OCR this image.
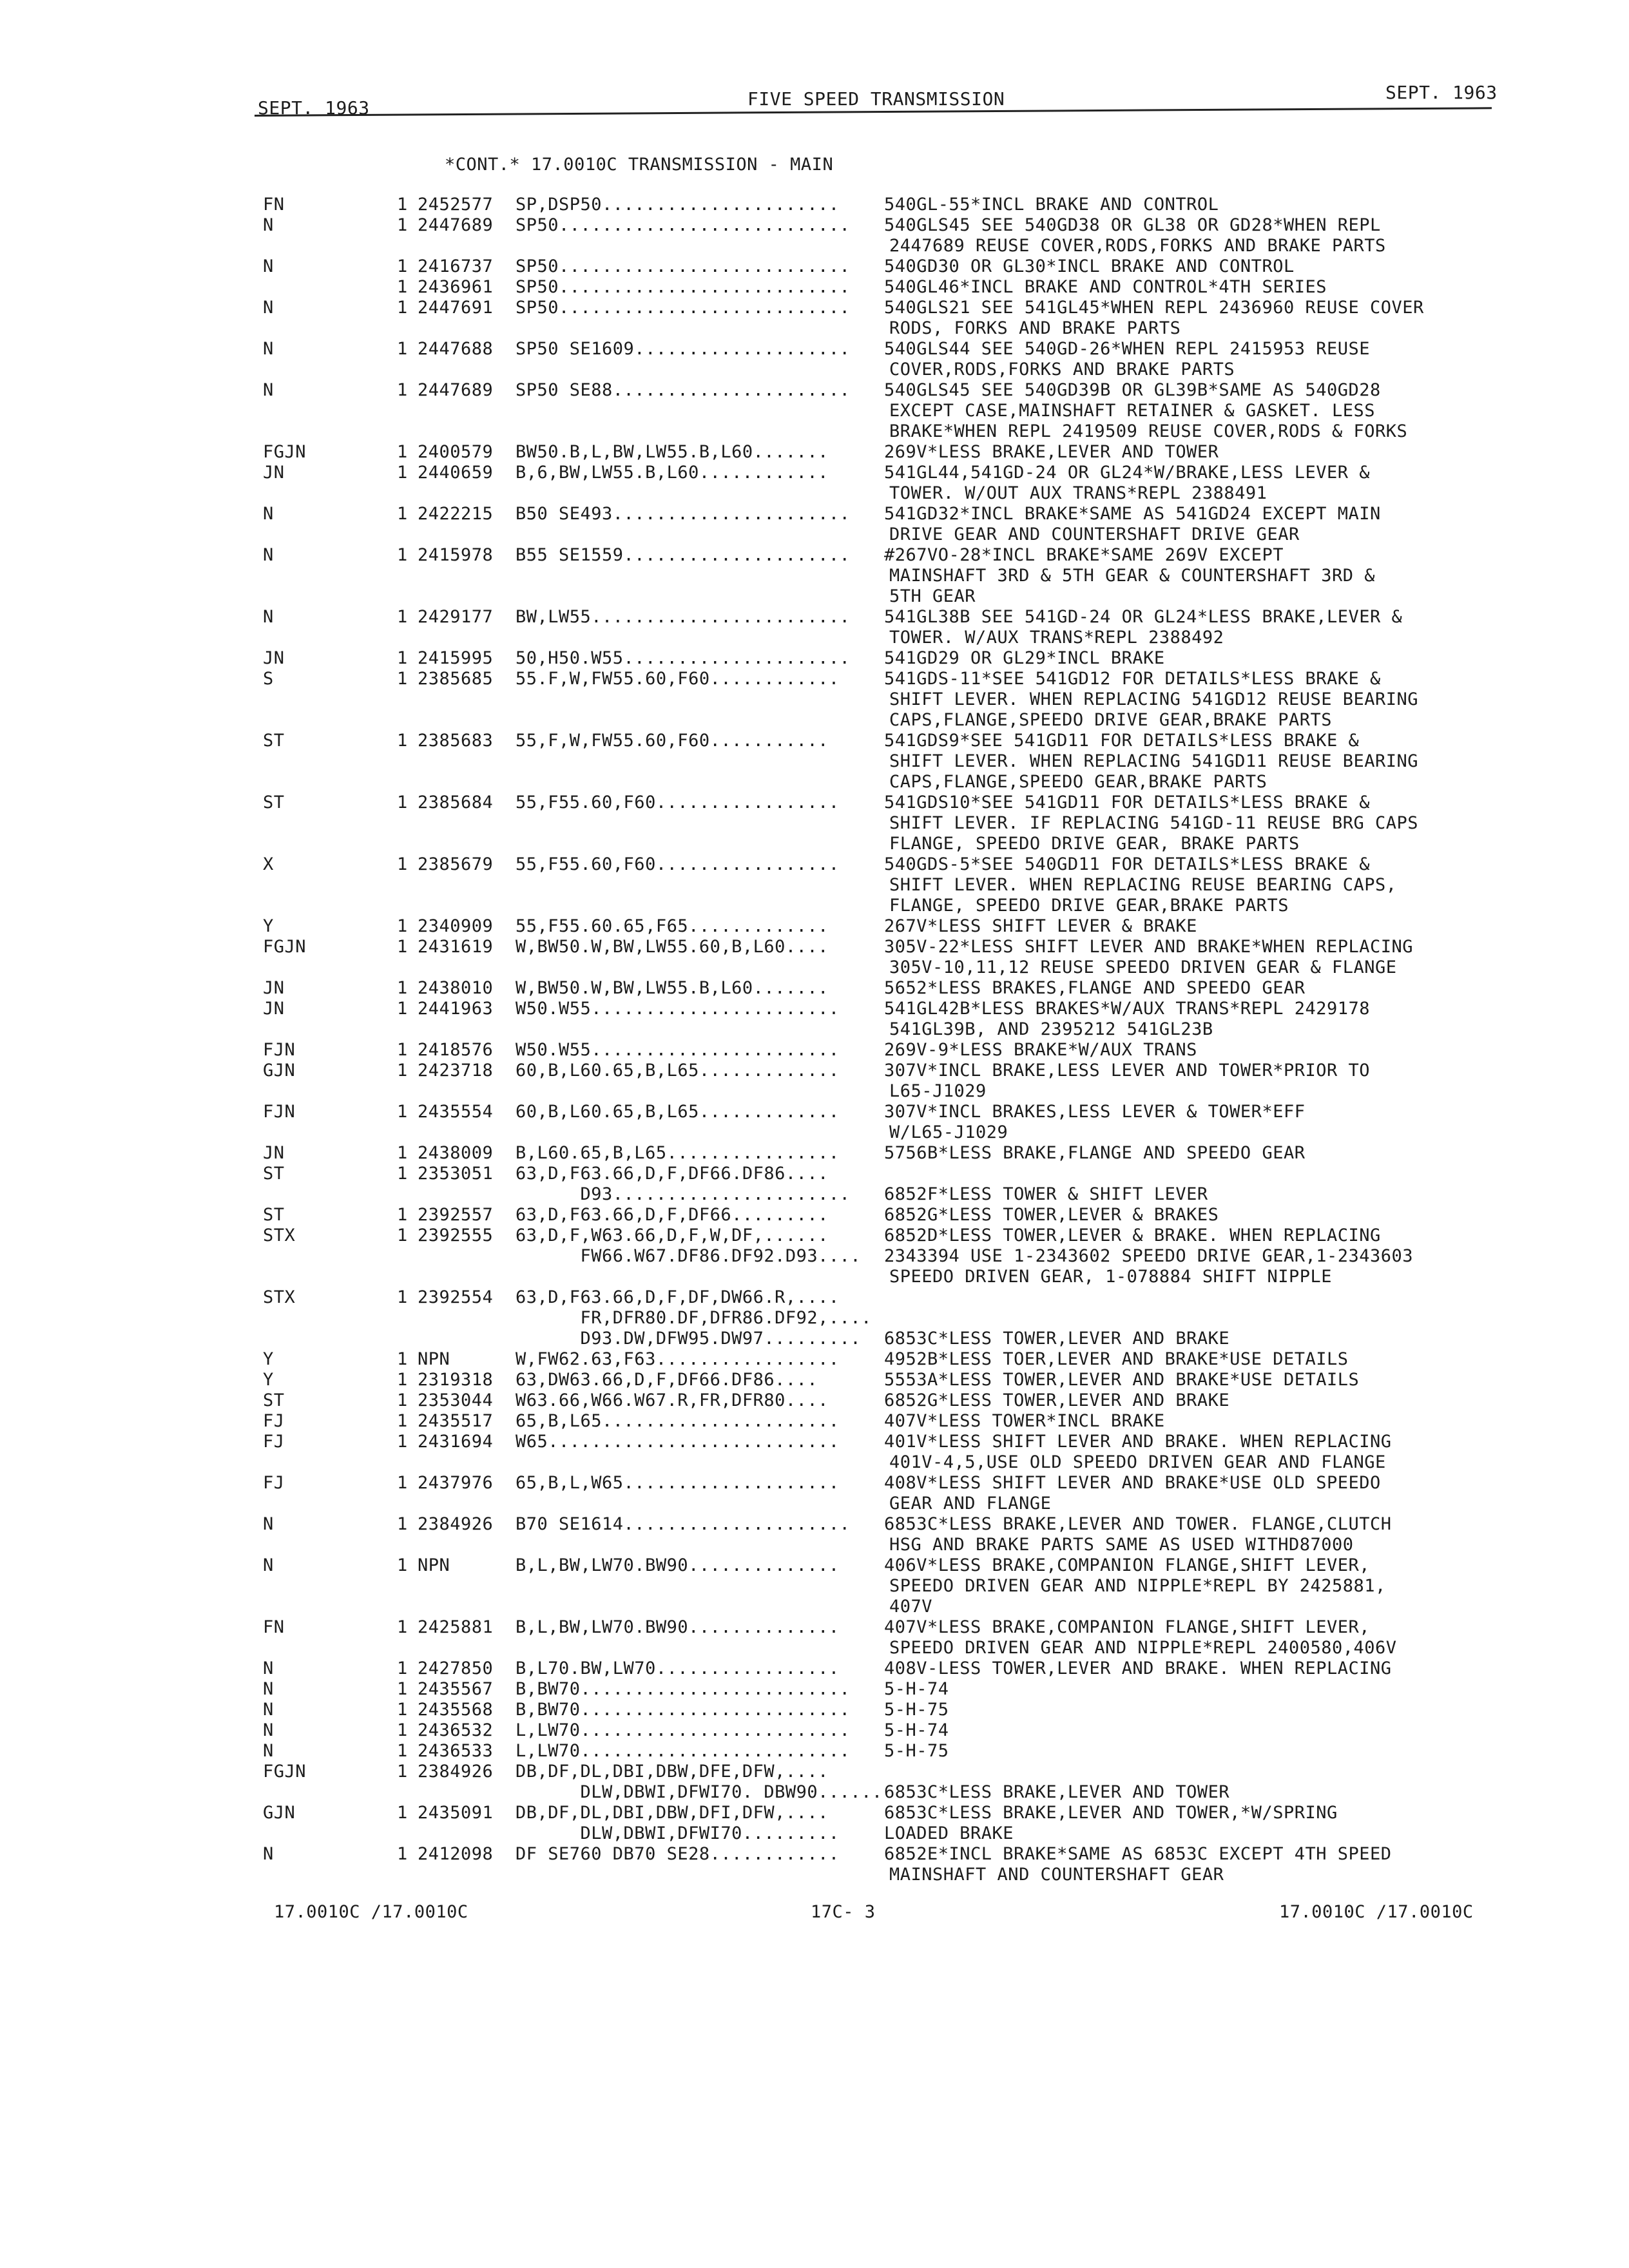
SEPT. 1963	FIVE SPEED TRANSMISSION	SEPT. 1963
*CONT.* 17.0010C TRANSMISSION - MAIN
FN	1 2452577 SP,DSP50......................	540GL-55*INCL BRAKE AND CONTROL
N	1 2447689 SP50........................... 540GLS45 SEE 540GD38 OR GL38 OR GD28*WHEN REPL
2447689 REUSE COVER,RODS,FORKS AND BRAKE PARTS
N	1 2416737 SP50........................... 540GD30 OR GL30*INCL BRAKE AND CONTROL
1 2436961 SP50........................... 540GL46*INCL BRAKE AND CONTROL*4TH SERIES
N	1 2447691 SP50........................... 540GLS21 SEE 541GL45*WHEN REPL 2436960 REUSE COVER
RODS, FORKS AND BRAKE PARTS
N	1 2447688 SP50 SE1609.................... 540GLS44 SEE 540GD-26*WHEN REPL 2415953 REUSE
COVER,RODS,FORKS AND BRAKE PARTS
N	1 2447689 SP50 SE88...................... 540GLS45 SEE 540GD39B OR GL39B*SAME AS 540GD28
EXCEPT CASE,MAINSHAFT RETAINER & GASKET. LESS
BRAKE*WHEN REPL 2419509 REUSE COVER,RODS & FORKS
FGJN	1 2400579 BW50.B,L,BW,LW55.B,L60.......	269V*LESS BRAKE,LEVER AND TOWER
JN	1 2440659 B,6,BW,LW55.B,L60............	541GL44,541GD-24 OR GL24*W/BRAKE,LESS LEVER &
TOWER. W/OUT AUX TRANS*REPL 2388491
N	1 2422215 B50 SE493...................... 541GD32*INCL BRAKE*SAME AS 541GD24 EXCEPT MAIN
DRIVE GEAR AND COUNTERSHAFT DRIVE GEAR
N	1 2415978 B55 SE1559..................... #267VO-28*INCL BRAKE*SAME 269V EXCEPT
MAINSHAFT 3RD & 5TH GEAR & COUNTERSHAFT 3RD &
5TH GEAR
N	1 2429177 BW,LW55........................ 541GL38B SEE 541GD-24 OR GL24*LESS BRAKE,LEVER &
TOWER. W/AUX TRANS*REPL 2388492
JN	1 2415995 50,H50.W55..................... 541GD29 OR GL29*INCL BRAKE
S	1 2385685 55.F,W,FW55.60,F60............	541GDS-11*SEE 541GD12 FOR DETAILS*LESS BRAKE &
SHIFT LEVER. WHEN REPLACING 541GD12 REUSE BEARING
CAPS,FLANGE,SPEEDO DRIVE GEAR,BRAKE PARTS
ST	1 2385683 55,F,W,FW55.60,F60...........	541GDS9*SEE 541GD11 FOR DETAILS*LESS BRAKE &
SHIFT LEVER. WHEN REPLACING 541GD11 REUSE BEARING
CAPS,FLANGE,SPEEDO GEAR,BRAKE PARTS
ST	1 2385684 55,F55.60,F60.................	541GDS10*SEE 541GD11 FOR DETAILS*LESS BRAKE &
SHIFT LEVER. IF REPLACING 541GD-11 REUSE BRG CAPS
FLANGE, SPEEDO DRIVE GEAR, BRAKE PARTS
X	1 2385679 55,F55.60,F60.................	540GDS-5*SEE 540GD11 FOR DETAILS*LESS BRAKE &
SHIFT LEVER. WHEN REPLACING REUSE BEARING CAPS,
FLANGE, SPEEDO DRIVE GEAR,BRAKE PARTS
Y	1 2340909 55,F55.60.65,F65.............	267V*LESS SHIFT LEVER & BRAKE
FGJN	1 2431619 W,BW50.W,BW,LW55.60,B,L60....	305V-22*LESS SHIFT LEVER AND BRAKE*WHEN REPLACING
305V-10,11,12 REUSE SPEEDO DRIVEN GEAR & FLANGE
JN	1 2438010 W,BW50.W,BW,LW55.B,L60.......	5652*LESS BRAKES,FLANGE AND SPEEDO GEAR
JN	1 2441963 W50.W55.......................	541GL42B*LESS BRAKES*W/AUX TRANS*REPL 2429178
541GL39B, AND 2395212 541GL23B
FJN	1 2418576 W50.W55.......................	269V-9*LESS BRAKE*W/AUX TRANS
GJN	1 2423718 60,B,L60.65,B,L65.............	307V*INCL BRAKE,LESS LEVER AND TOWER*PRIOR TO
L65-J1029
FJN	1 2435554 60,B,L60.65,B,L65.............	307V*INCL BRAKES,LESS LEVER & TOWER*EFF
W/L65-J1029
JN	1 2438009 B,L60.65,B,L65................	5756B*LESS BRAKE,FLANGE AND SPEEDO GEAR
ST	1 2353051 63,D,F63.66,D,F,DF66.DF86....
D93...................... 6852F*LESS TOWER & SHIFT LEVER
ST	1 2392557 63,D,F63.66,D,F,DF66.........	6852G*LESS TOWER,LEVER & BRAKES
STX	1 2392555 63,D,F,W63.66,D,F,W,DF,......	6852D*LESS TOWER,LEVER & BRAKE. WHEN REPLACING
FW66.W67.DF86.DF92.D93.... 2343394 USE 1-2343602 SPEEDO DRIVE GEAR,1-2343603
SPEEDO DRIVEN GEAR, 1-078884 SHIFT NIPPLE
STX	1 2392554 63,D,F63.66,D,F,DF,DW66.R,....
FR,DFR80.DF,DFR86.DF92,....
D93.DW,DFW95.DW97......... 6853C*LESS TOWER,LEVER AND BRAKE
Y	1 NPN	W,FW62.63,F63.................	4952B*LESS TOER,LEVER AND BRAKE*USE DETAILS
Y	1 2319318 63,DW63.66,D,F,DF66.DF86....	5553A*LESS TOWER,LEVER AND BRAKE*USE DETAILS
ST	1 2353044 W63.66,W66.W67.R,FR,DFR80....	6852G*LESS TOWER,LEVER AND BRAKE
FJ	1 2435517 65,B,L65......................	407V*LESS TOWER*INCL BRAKE
FJ	1 2431694 W65...........................	401V*LESS SHIFT LEVER AND BRAKE. WHEN REPLACING
401V-4,5,USE OLD SPEEDO DRIVEN GEAR AND FLANGE
FJ	1 2437976 65,B,L,W65....................	408V*LESS SHIFT LEVER AND BRAKE*USE OLD SPEEDO
GEAR AND FLANGE
N	1 2384926 B70 SE1614..................... 6853C*LESS BRAKE,LEVER AND TOWER. FLANGE,CLUTCH
HSG AND BRAKE PARTS SAME AS USED WITHD87000
N	1 NPN	B,L,BW,LW70.BW90..............	406V*LESS BRAKE,COMPANION FLANGE,SHIFT LEVER,
SPEEDO DRIVEN GEAR AND NIPPLE*REPL BY 2425881,
407V
FN	1 2425881 B,L,BW,LW70.BW90..............	407V*LESS BRAKE,COMPANION FLANGE,SHIFT LEVER,
SPEEDO DRIVEN GEAR AND NIPPLE*REPL 2400580,406V
N	1 2427850 B,L70.BW,LW70.................	408V-LESS TOWER,LEVER AND BRAKE. WHEN REPLACING
N	1 2435567 B,BW70......................... 5-H-74
N	1 2435568 B,BW70......................... 5-H-75
N	1 2436532 L,LW70......................... 5-H-74
N	1 2436533 L,LW70......................... 5-H-75
FGJN	1 2384926 DB,DF,DL,DBI,DBW,DFE,DFW,....
DLW,DBWI,DFWI70. DBW90...... 6853C*LESS BRAKE,LEVER AND TOWER
GJN	1 2435091 DB,DF,DL,DBI,DBW,DFI,DFW,....	6853C*LESS BRAKE,LEVER AND TOWER,*W/SPRING
DLW,DBWI,DFWI70.........	LOADED BRAKE
N	1 2412098 DF SE760 DB70 SE28............	6852E*INCL BRAKE*SAME AS 6853C EXCEPT 4TH SPEED
MAINSHAFT AND COUNTERSHAFT GEAR
17.0010C /17.0010C	17C- 3	17.0010C /17.0010C
